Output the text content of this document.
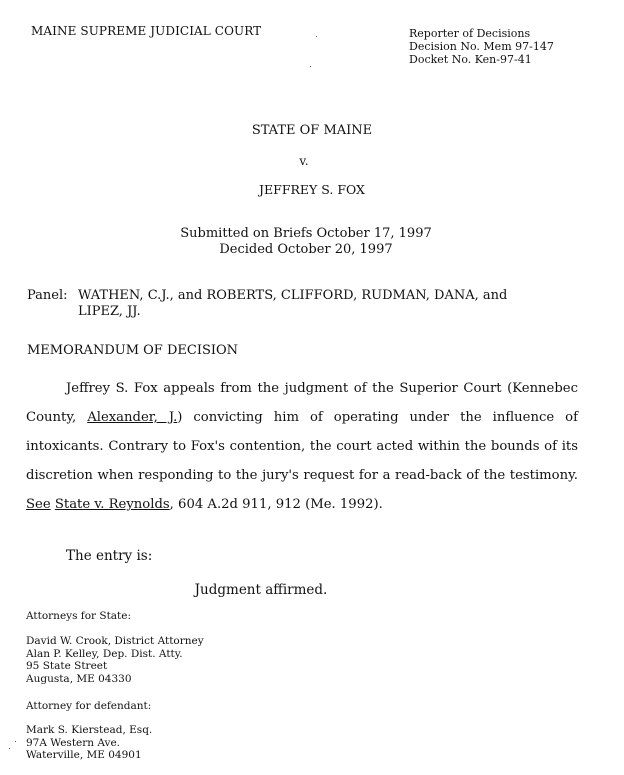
MAINE SUPREME JUDICIAL COURT	Reporter of Decisions
Decision No. Mem 97-147
Docket No. Ken-97-41
STATE OF MAINE
v.
JEFFREY S. FOX
Submitted on Briefs October 17, 1997
Decided October 20, 1997
Panel: WATHEN, C.J., and ROBERTS, CLIFFORD, RUDMAN, DANA, and
LIPEZ, JJ.
MEMORANDUM OF DECISION
Jeffrey S. Fox appeals from the judgment of the Superior Court (Kennebec County, Alexander, J.) convicting him of operating under the influence of intoxicants. Contrary to Fox's contention, the court acted within the bounds of its discretion when responding to the jury's request for a read-back of the testimony. See State v. Reynolds, 604 A.2d 911, 912 (Me. 1992).
The entry is:
Judgment affirmed.
Attorneys for State:
David W. Crook, District Attorney
Alan P. Kelley, Dep. Dist. Atty.
95 State Street
Augusta, ME 04330
Attorney for defendant:
Mark S. Kierstead, Esq.
97A Western Ave.
Waterville, ME 04901
